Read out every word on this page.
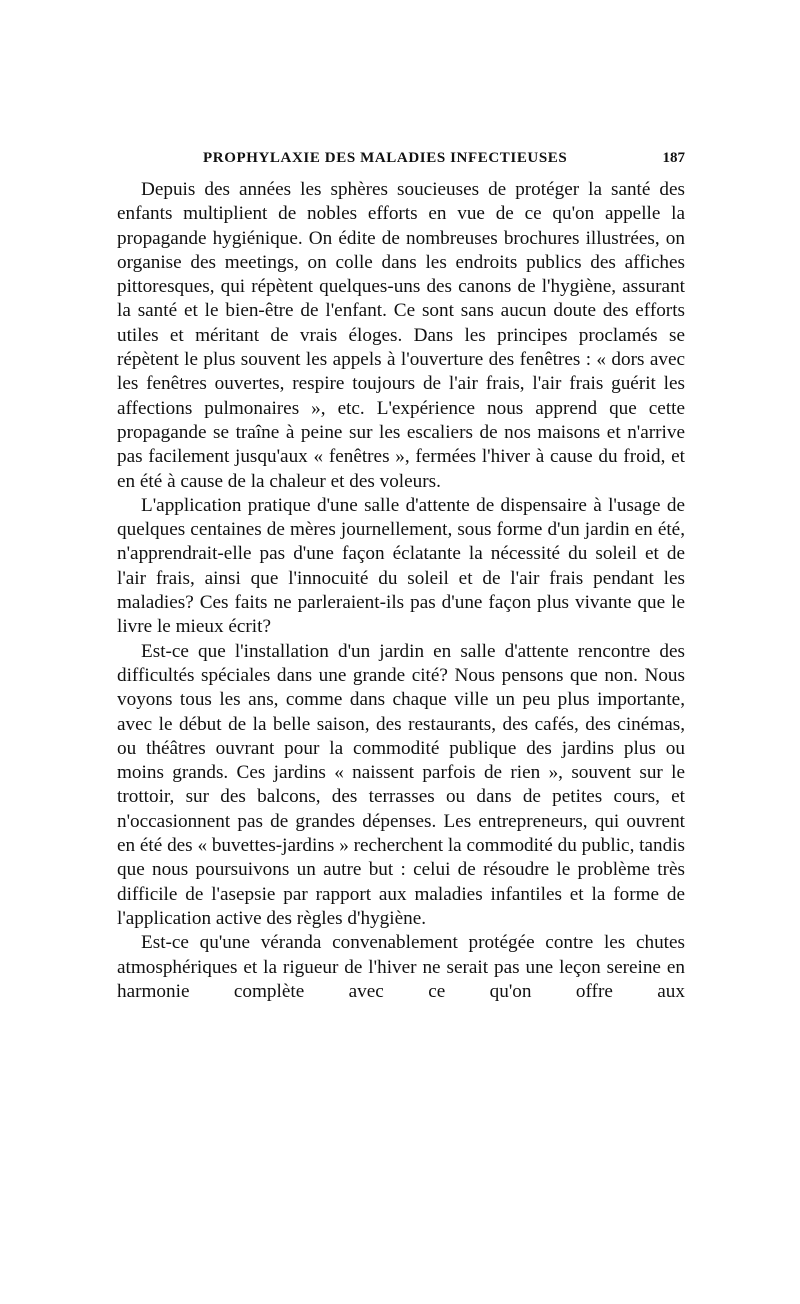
PROPHYLAXIE DES MALADIES INFECTIEUSES	187

Depuis des années les sphères soucieuses de protéger la santé des enfants multiplient de nobles efforts en vue de ce qu'on appelle la propagande hygiénique. On édite de nombreuses brochures illustrées, on organise des meetings, on colle dans les endroits publics des affiches pittoresques, qui répètent quelques-uns des canons de l'hygiène, assurant la santé et le bien-être de l'enfant. Ce sont sans aucun doute des efforts utiles et méritant de vrais éloges. Dans les principes proclamés se répètent le plus souvent les appels à l'ouverture des fenêtres : « dors avec les fenêtres ouvertes, respire toujours de l'air frais, l'air frais guérit les affections pulmonaires », etc. L'expérience nous apprend que cette propagande se traîne à peine sur les escaliers de nos maisons et n'arrive pas facilement jusqu'aux « fenêtres », fermées l'hiver à cause du froid, et en été à cause de la chaleur et des voleurs.

L'application pratique d'une salle d'attente de dispensaire à l'usage de quelques centaines de mères journellement, sous forme d'un jardin en été, n'apprendrait-elle pas d'une façon éclatante la nécessité du soleil et de l'air frais, ainsi que l'innocuité du soleil et de l'air frais pendant les maladies? Ces faits ne parleraient-ils pas d'une façon plus vivante que le livre le mieux écrit?

Est-ce que l'installation d'un jardin en salle d'attente rencontre des difficultés spéciales dans une grande cité? Nous pensons que non. Nous voyons tous les ans, comme dans chaque ville un peu plus importante, avec le début de la belle saison, des restaurants, des cafés, des cinémas, ou théâtres ouvrant pour la commodité publique des jardins plus ou moins grands. Ces jardins « naissent parfois de rien », souvent sur le trottoir, sur des balcons, des terrasses ou dans de petites cours, et n'occasionnent pas de grandes dépenses. Les entrepreneurs, qui ouvrent en été des « buvettes-jardins » recherchent la commodité du public, tandis que nous poursuivons un autre but : celui de résoudre le problème très difficile de l'asepsie par rapport aux maladies infantiles et la forme de l'application active des règles d'hygiène.

Est-ce qu'une véranda convenablement protégée contre les chutes atmosphériques et la rigueur de l'hiver ne serait pas une leçon sereine en harmonie complète avec ce qu'on offre aux
